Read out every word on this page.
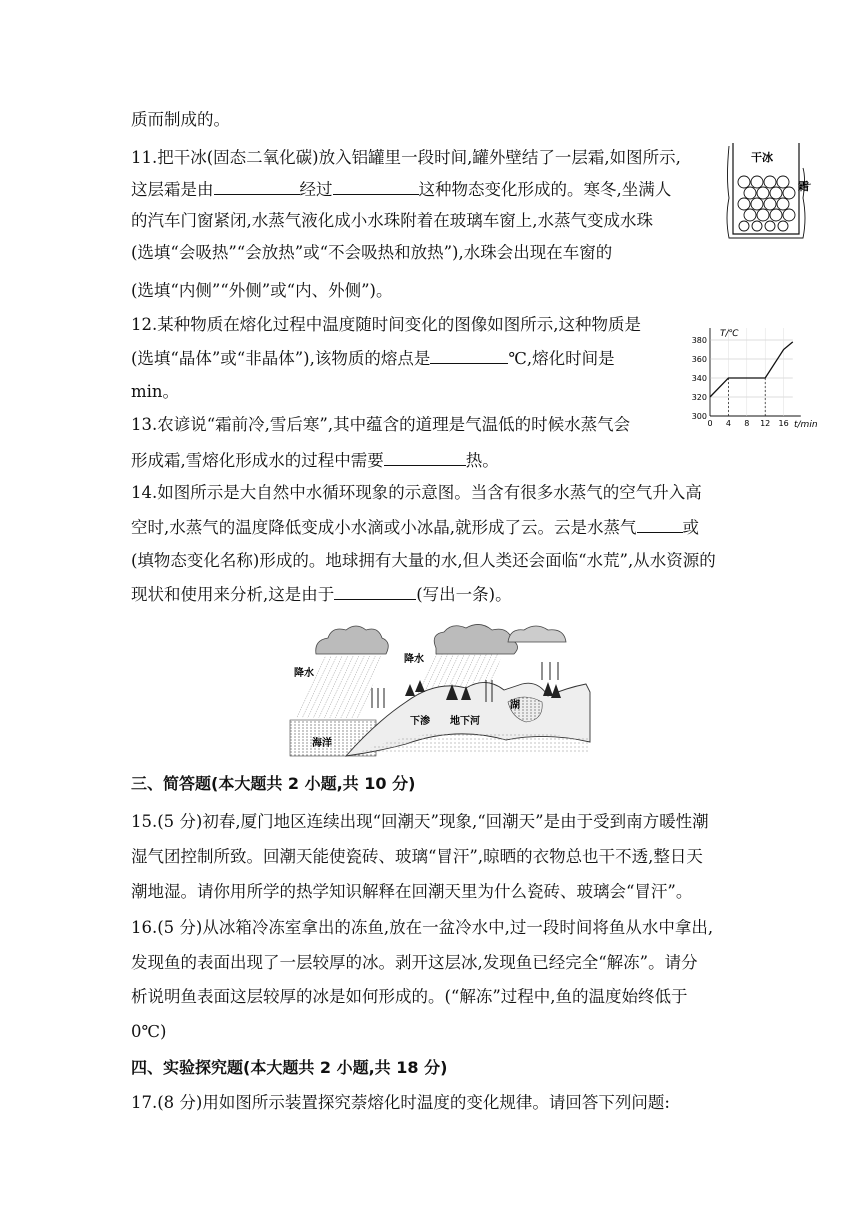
质而制成的。
11.把干冰(固态二氧化碳)放入铝罐里一段时间,罐外壁结了一层霜,如图所示,
这层霜是由	经过	这种物态变化形成的。寒冬,坐满人
的汽车门窗紧闭,水蒸气液化成小水珠附着在玻璃车窗上,水蒸气变成水珠
(选填“会吸热”“会放热”或“不会吸热和放热”),水珠会出现在车窗的
(选填“内侧”“外侧”或“内、外侧”)。
12.某种物质在熔化过程中温度随时间变化的图像如图所示,这种物质是
(选填“晶体”或“非晶体”),该物质的熔点是	℃,熔化时间是
min。
13.农谚说“霜前冷,雪后寒”,其中蕴含的道理是气温低的时候水蒸气会
形成霜,雪熔化形成水的过程中需要	热。
14.如图所示是大自然中水循环现象的示意图。当含有很多水蒸气的空气升入高
空时,水蒸气的温度降低变成小水滴或小冰晶,就形成了云。云是水蒸气	或
(填物态变化名称)形成的。地球拥有大量的水,但人类还会面临“水荒”,从水资源的
现状和使用来分析,这是由于	(写出一条)。
三、简答题(本大题共 2 小题,共 10 分)
15.(5 分)初春,厦门地区连续出现“回潮天”现象,“回潮天”是由于受到南方暖性潮
湿气团控制所致。回潮天能使瓷砖、玻璃“冒汗”,晾晒的衣物总也干不透,整日天
潮地湿。请你用所学的热学知识解释在回潮天里为什么瓷砖、玻璃会“冒汗”。
16.(5 分)从冰箱冷冻室拿出的冻鱼,放在一盆冷水中,过一段时间将鱼从水中拿出,
发现鱼的表面出现了一层较厚的冰。剥开这层冰,发现鱼已经完全“解冻”。请分
析说明鱼表面这层较厚的冰是如何形成的。(“解冻”过程中,鱼的温度始终低于
0℃)
四、实验探究题(本大题共 2 小题,共 18 分)
17.(8 分)用如图所示装置探究萘熔化时温度的变化规律。请回答下列问题:
干冰
霜
380
360
340
320
300
0 4 8 12 16
T/℃
t/min
降水
降水
湖
下渗 地下河
海洋
